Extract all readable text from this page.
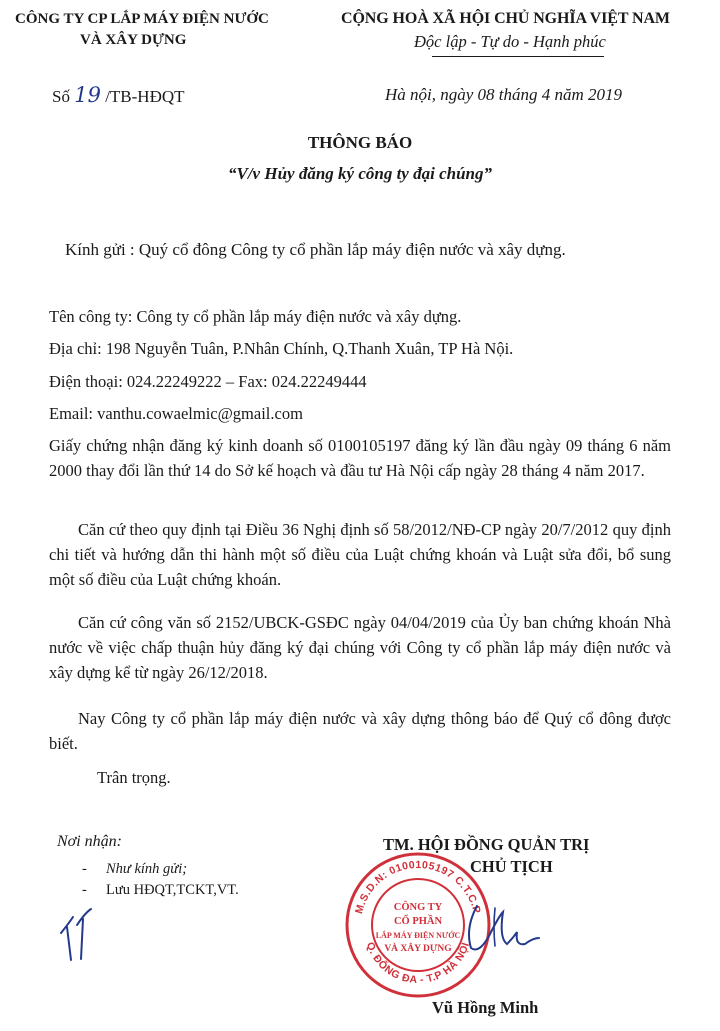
CÔNG TY CP LẮP MÁY ĐIỆN NƯỚC
VÀ XÂY DỰNG
CỘNG HOÀ XÃ HỘI CHỦ NGHĨA VIỆT NAM
Độc lập - Tự do - Hạnh phúc
Số 19 /TB-HĐQT	Hà nội, ngày 08 tháng 4 năm 2019
THÔNG BÁO
“V/v Hủy đăng ký công ty đại chúng”
Kính gửi : Quý cổ đông Công ty cổ phần lắp máy điện nước và xây dựng.
Tên công ty: Công ty cổ phần lắp máy điện nước và xây dựng.
Địa chỉ: 198 Nguyễn Tuân, P.Nhân Chính, Q.Thanh Xuân, TP Hà Nội.
Điện thoại: 024.22249222 – Fax: 024.22249444
Email: vanthu.cowaelmic@gmail.com
Giấy chứng nhận đăng ký kinh doanh số 0100105197 đăng ký lần đầu ngày 09 tháng 6 năm 2000 thay đổi lần thứ 14 do Sở kế hoạch và đầu tư Hà Nội cấp ngày 28 tháng 4 năm 2017.
Căn cứ theo quy định tại Điều 36 Nghị định số 58/2012/NĐ-CP ngày 20/7/2012 quy định chi tiết và hướng dẫn thi hành một số điều của Luật chứng khoán và Luật sửa đổi, bổ sung một số điều của Luật chứng khoán.
Căn cứ công văn số 2152/UBCK-GSĐC ngày 04/04/2019 của Ủy ban chứng khoán Nhà nước về việc chấp thuận hủy đăng ký đại chúng với Công ty cổ phần lắp máy điện nước và xây dựng kể từ ngày 26/12/2018.
Nay Công ty cổ phần lắp máy điện nước và xây dựng thông báo để Quý cổ đông được biết.
Trân trọng.
Nơi nhận:
- Như kính gửi;
- Lưu HĐQT,TCKT,VT.
TM. HỘI ĐỒNG QUẢN TRỊ
CHỦ TỊCH
M.S.D.N: 0100105197 C.T.C.P
Q. ĐỐNG ĐA - T.P HÀ NỘI
CÔNG TY
CỔ PHẦN
LẮP MÁY ĐIỆN NƯỚC
VÀ XÂY DỰNG
Vũ Hồng Minh
